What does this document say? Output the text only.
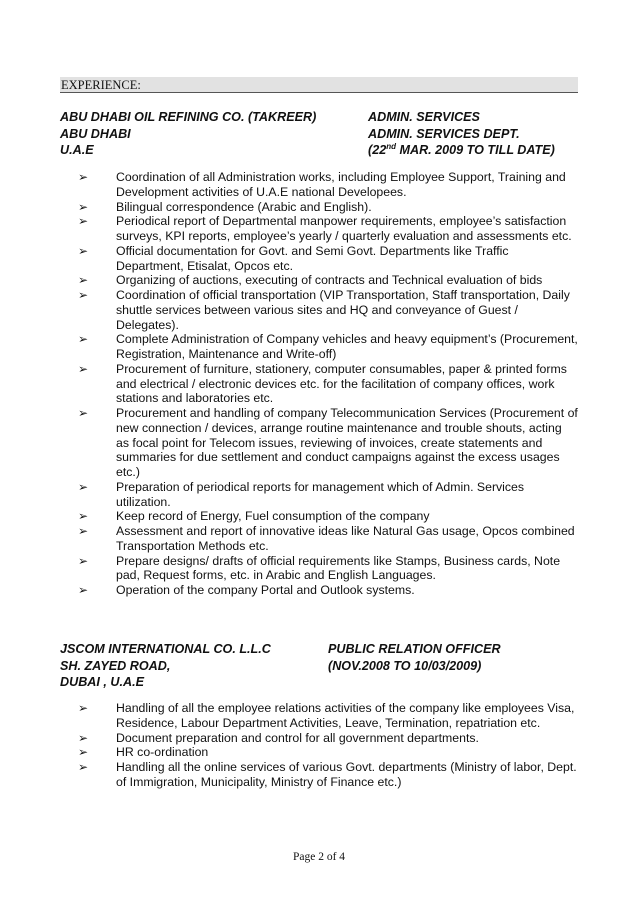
EXPERIENCE:
ABU DHABI OIL REFINING CO. (TAKREER)	ADMIN. SERVICES
ABU DHABI	ADMIN. SERVICES DEPT.
U.A.E	(22nd MAR. 2009 TO TILL DATE)
➢ Coordination of all Administration works, including Employee Support, Training and Development activities of U.A.E national Developees.
➢ Bilingual correspondence (Arabic and English).
➢ Periodical report of Departmental manpower requirements, employee’s satisfaction surveys, KPI reports, employee’s yearly / quarterly evaluation and assessments etc.
➢ Official documentation for Govt. and Semi Govt. Departments like Traffic Department, Etisalat, Opcos etc.
➢ Organizing of auctions, executing of contracts and Technical evaluation of bids
➢ Coordination of official transportation (VIP Transportation, Staff transportation, Daily shuttle services between various sites and HQ and conveyance of Guest / Delegates).
➢ Complete Administration of Company vehicles and heavy equipment’s (Procurement, Registration, Maintenance and Write-off)
➢ Procurement of furniture, stationery, computer consumables, paper & printed forms and electrical / electronic devices etc. for the facilitation of company offices, work stations and laboratories etc.
➢ Procurement and handling of company Telecommunication Services (Procurement of new connection / devices, arrange routine maintenance and trouble shouts, acting as focal point for Telecom issues, reviewing of invoices, create statements and summaries for due settlement and conduct campaigns against the excess usages etc.)
➢ Preparation of periodical reports for management which of Admin. Services utilization.
➢ Keep record of Energy, Fuel consumption of the company
➢ Assessment and report of innovative ideas like Natural Gas usage, Opcos combined Transportation Methods etc.
➢ Prepare designs/ drafts of official requirements like Stamps, Business cards, Note pad, Request forms, etc. in Arabic and English Languages.
➢ Operation of the company Portal and Outlook systems.
JSCOM INTERNATIONAL CO. L.L.C	PUBLIC RELATION OFFICER
SH. ZAYED ROAD,	(NOV.2008 TO 10/03/2009)
DUBAI , U.A.E
➢ Handling of all the employee relations activities of the company like employees Visa, Residence, Labour Department Activities, Leave, Termination, repatriation etc.
➢ Document preparation and control for all government departments.
➢ HR co-ordination
➢ Handling all the online services of various Govt. departments (Ministry of labor, Dept. of Immigration, Municipality, Ministry of Finance etc.)
Page 2 of 4
